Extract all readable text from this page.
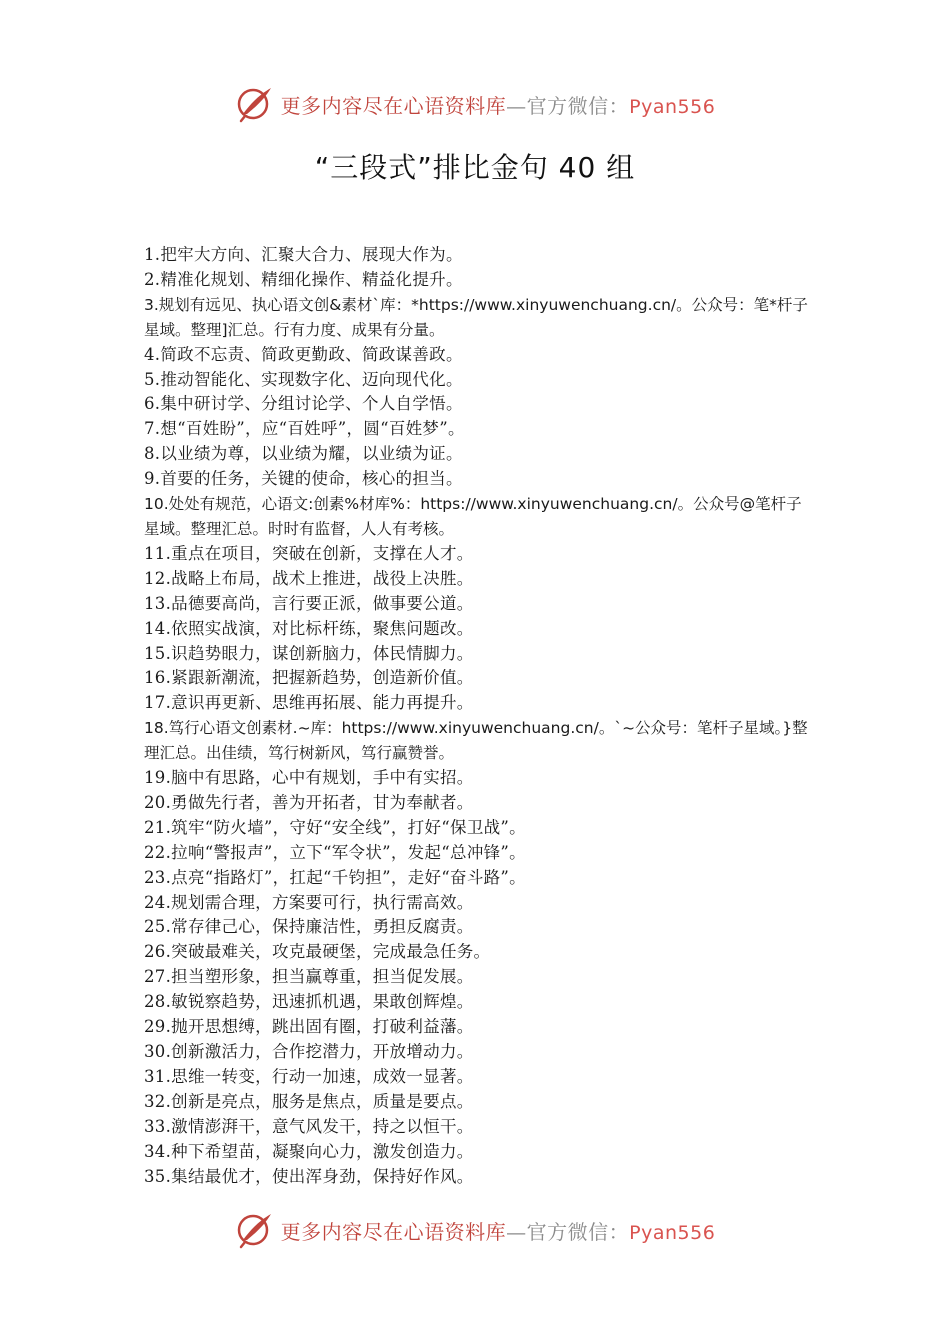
更多内容尽在心语资料库—官方微信：Pyan556
“三段式”排比金句 40 组
1.把牢大方向、汇聚大合力、展现大作为。
2.精准化规划、精细化操作、精益化提升。
3.规划有远见、执心语文创&素材`库：*https://www.xinyuwenchuang.cn/。公众号：笔*杆子星域。整理]汇总。行有力度、成果有分量。
4.简政不忘责、简政更勤政、简政谋善政。
5.推动智能化、实现数字化、迈向现代化。
6.集中研讨学、分组讨论学、个人自学悟。
7.想“百姓盼”，应“百姓呼”，圆“百姓梦”。
8.以业绩为尊，以业绩为耀，以业绩为证。
9.首要的任务，关键的使命，核心的担当。
10.处处有规范，心语文:创素%材库%：https://www.xinyuwenchuang.cn/。公众号@笔杆子星域。整理汇总。时时有监督，人人有考核。
11.重点在项目，突破在创新，支撑在人才。
12.战略上布局，战术上推进，战役上决胜。
13.品德要高尚，言行要正派，做事要公道。
14.依照实战演，对比标杆练，聚焦问题改。
15.识趋势眼力，谋创新脑力，体民情脚力。
16.紧跟新潮流，把握新趋势，创造新价值。
17.意识再更新、思维再拓展、能力再提升。
18.笃行心语文创素材.~库：https://www.xinyuwenchuang.cn/。`~公众号：笔杆子星域。}整理汇总。出佳绩，笃行树新风，笃行赢赞誉。
19.脑中有思路，心中有规划，手中有实招。
20.勇做先行者，善为开拓者，甘为奉献者。
21.筑牢“防火墙”，守好“安全线”，打好“保卫战”。
22.拉响“警报声”，立下“军令状”，发起“总冲锋”。
23.点亮“指路灯”，扛起“千钧担”，走好“奋斗路”。
24.规划需合理，方案要可行，执行需高效。
25.常存律己心，保持廉洁性，勇担反腐责。
26.突破最难关，攻克最硬堡，完成最急任务。
27.担当塑形象，担当赢尊重，担当促发展。
28.敏锐察趋势，迅速抓机遇，果敢创辉煌。
29.抛开思想缚，跳出固有圈，打破利益藩。
30.创新激活力，合作挖潜力，开放增动力。
31.思维一转变，行动一加速，成效一显著。
32.创新是亮点，服务是焦点，质量是要点。
33.激情澎湃干，意气风发干，持之以恒干。
34.种下希望苗，凝聚向心力，激发创造力。
35.集结最优才，使出浑身劲，保持好作风。
更多内容尽在心语资料库—官方微信：Pyan556
